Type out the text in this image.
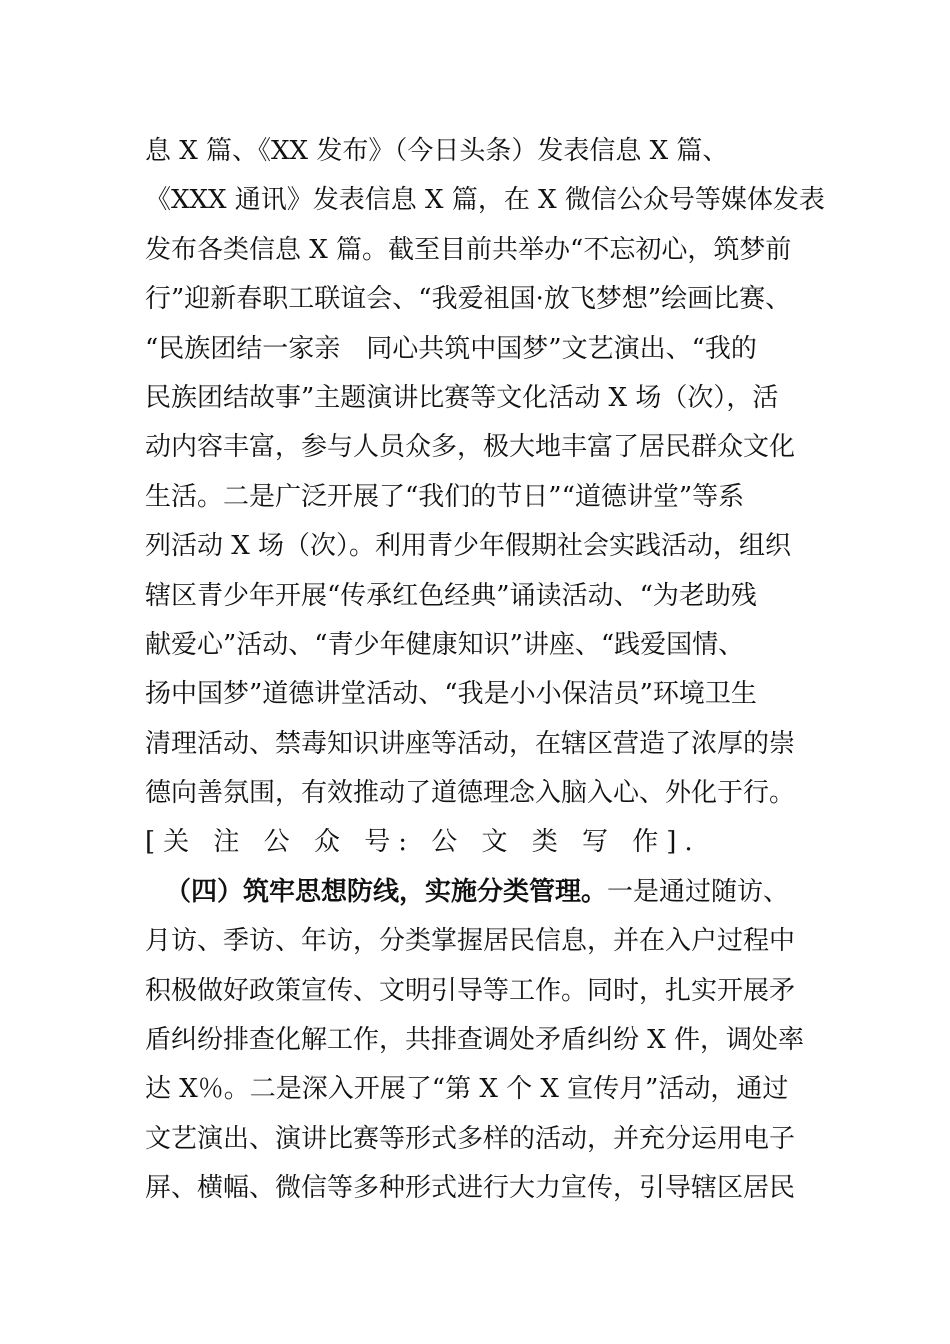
息 X 篇、《XX 发布》（今日头条）发表信息 X 篇、
《XXX 通讯》发表信息 X 篇，在 X 微信公众号等媒体发表
发布各类信息 X 篇。截至目前共举办“不忘初心，筑梦前
行”迎新春职工联谊会、“我爱祖国·放飞梦想”绘画比赛、
“民族团结一家亲　同心共筑中国梦”文艺演出、“我的
民族团结故事”主题演讲比赛等文化活动 X 场（次），活
动内容丰富，参与人员众多，极大地丰富了居民群众文化
生活。二是广泛开展了“我们的节日”“道德讲堂”等系
列活动 X 场（次）。利用青少年假期社会实践活动，组织
辖区青少年开展“传承红色经典”诵读活动、“为老助残
献爱心”活动、“青少年健康知识”讲座、“践爱国情、
扬中国梦”道德讲堂活动、“我是小小保洁员”环境卫生
清理活动、禁毒知识讲座等活动，在辖区营造了浓厚的崇
德向善氛围，有效推动了道德理念入脑入心、外化于行。
[关 注 公 众 号: 公 文 类 写 作].
（四）筑牢思想防线，实施分类管理。一是通过随访、
月访、季访、年访，分类掌握居民信息，并在入户过程中
积极做好政策宣传、文明引导等工作。同时，扎实开展矛
盾纠纷排查化解工作，共排查调处矛盾纠纷 X 件，调处率
达 X％。二是深入开展了“第 X 个 X 宣传月”活动，通过
文艺演出、演讲比赛等形式多样的活动，并充分运用电子
屏、横幅、微信等多种形式进行大力宣传，引导辖区居民
